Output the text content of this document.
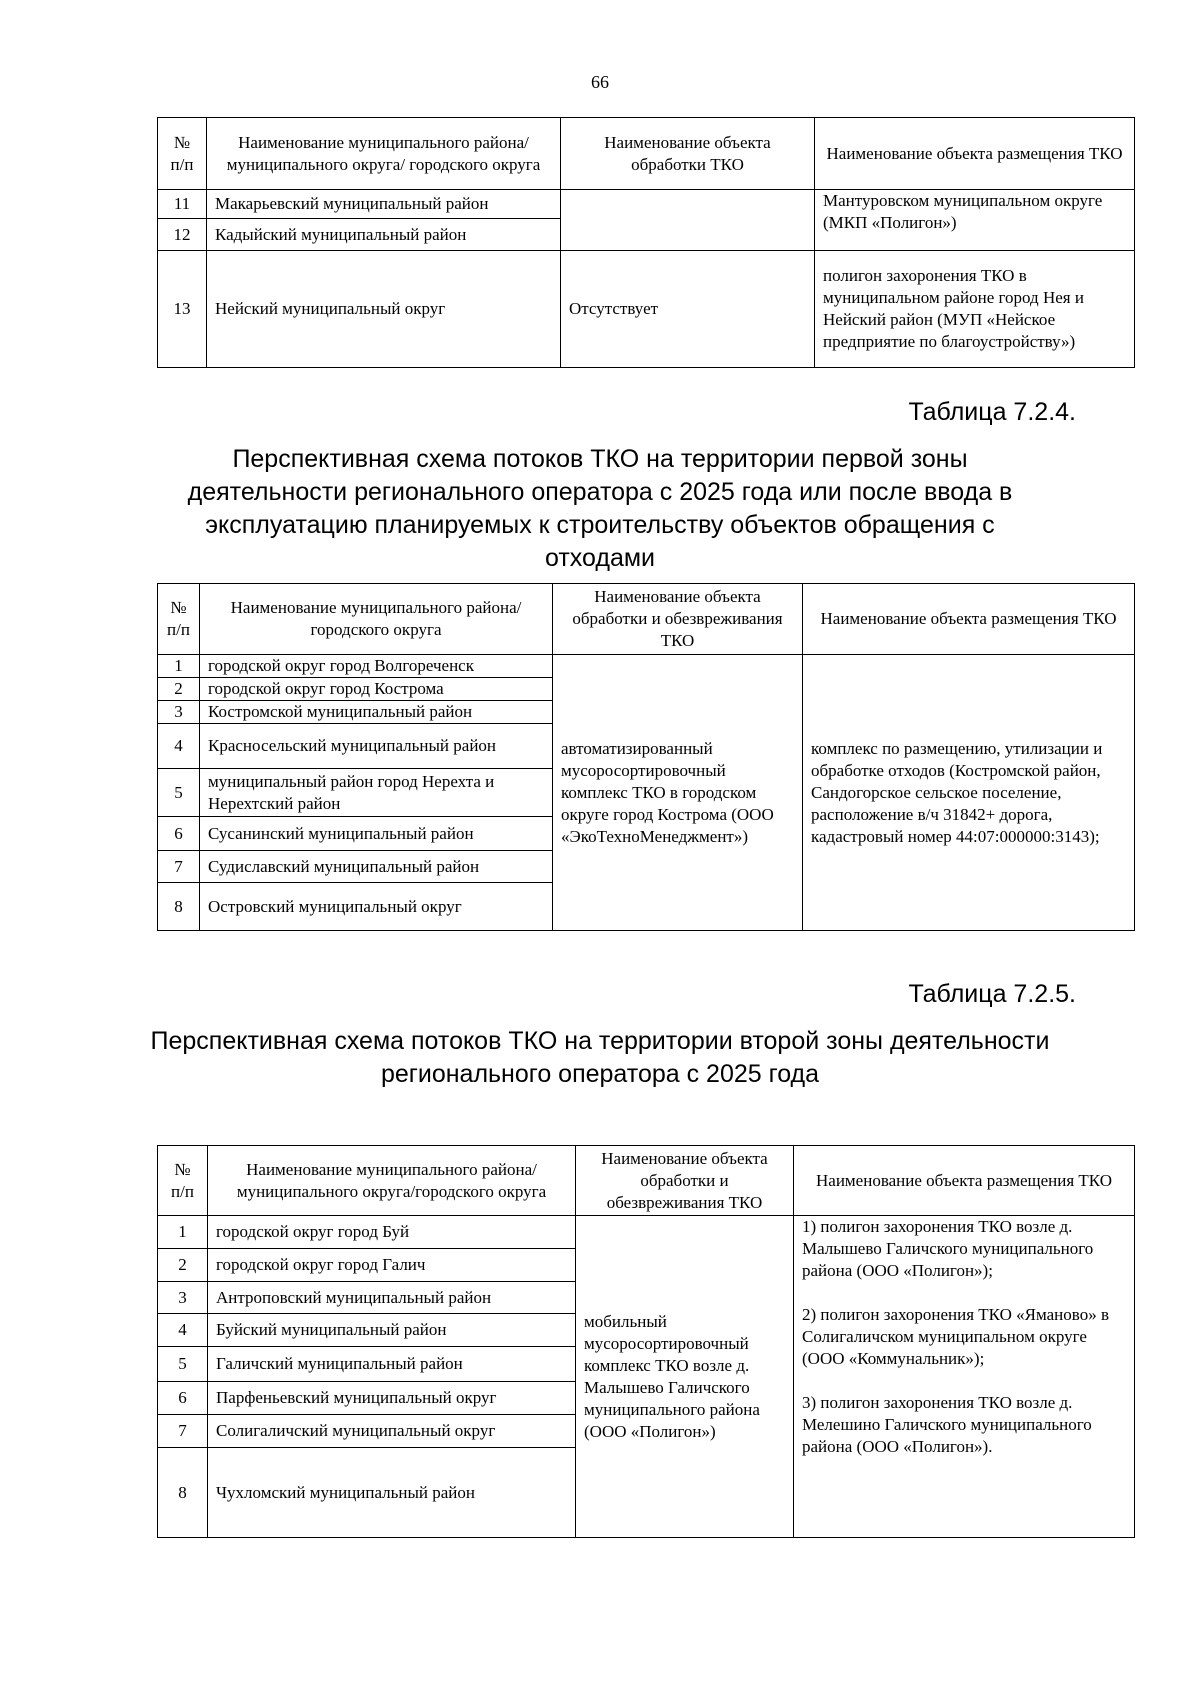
66
№ п/п	Наименование муниципального района/муниципального округа/ городского округа	Наименование объекта обработки ТКО	Наименование объекта размещения ТКО
11	Макарьевский муниципальный район		Мантуровском муниципальном округе (МКП «Полигон»)
12	Кадыйский муниципальный район		
13	Нейский муниципальный округ	Отсутствует	полигон захоронения ТКО в муниципальном районе город Нея и Нейский район (МУП «Нейское предприятие по благоустройству»)
Таблица 7.2.4.
Перспективная схема потоков ТКО на территории первой зоны деятельности регионального оператора с 2025 года или после ввода в эксплуатацию планируемых к строительству объектов обращения с отходами
№ п/п	Наименование муниципального района/ городского округа	Наименование объекта обработки и обезвреживания ТКО	Наименование объекта размещения ТКО
1	городской округ город Волгореченск	автоматизированный мусоросортировочный комплекс ТКО в городском округе город Кострома (ООО «ЭкоТехноМенеджмент»)	комплекс по размещению, утилизации и обработке отходов (Костромской район, Сандогорское сельское поселение, расположение в/ч 31842+ дорога, кадастровый номер 44:07:000000:3143);
2	городской округ город Кострома		
3	Костромской муниципальный район		
4	Красносельский муниципальный район		
5	муниципальный район город Нерехта и Нерехтский район		
6	Сусанинский муниципальный район		
7	Судиславский муниципальный район		
8	Островский муниципальный округ		
Таблица 7.2.5.
Перспективная схема потоков ТКО на территории второй зоны деятельности регионального оператора с 2025 года
№ п/п	Наименование муниципального района/ муниципального округа/городского округа	Наименование объекта обработки и обезвреживания ТКО	Наименование объекта размещения ТКО
1	городской округ город Буй	мобильный мусоросортировочный комплекс ТКО возле д. Малышево Галичского муниципального района (ООО «Полигон»)	1) полигон захоронения ТКО возле д. Малышево Галичского муниципального района (ООО «Полигон»);
2) полигон захоронения ТКО «Ямановo» в Солигаличском муниципальном округе (ООО «Коммунальник»);
3) полигон захоронения ТКО возле д. Мелешино Галичского муниципального района (ООО «Полигон»).

2	городской округ город Галич		
3	Антроповский муниципальный район		
4	Буйский муниципальный район		
5	Галичский муниципальный район		
6	Парфеньевский муниципальный округ		
7	Солигаличский муниципальный округ		
8	Чухломский муниципальный район		
